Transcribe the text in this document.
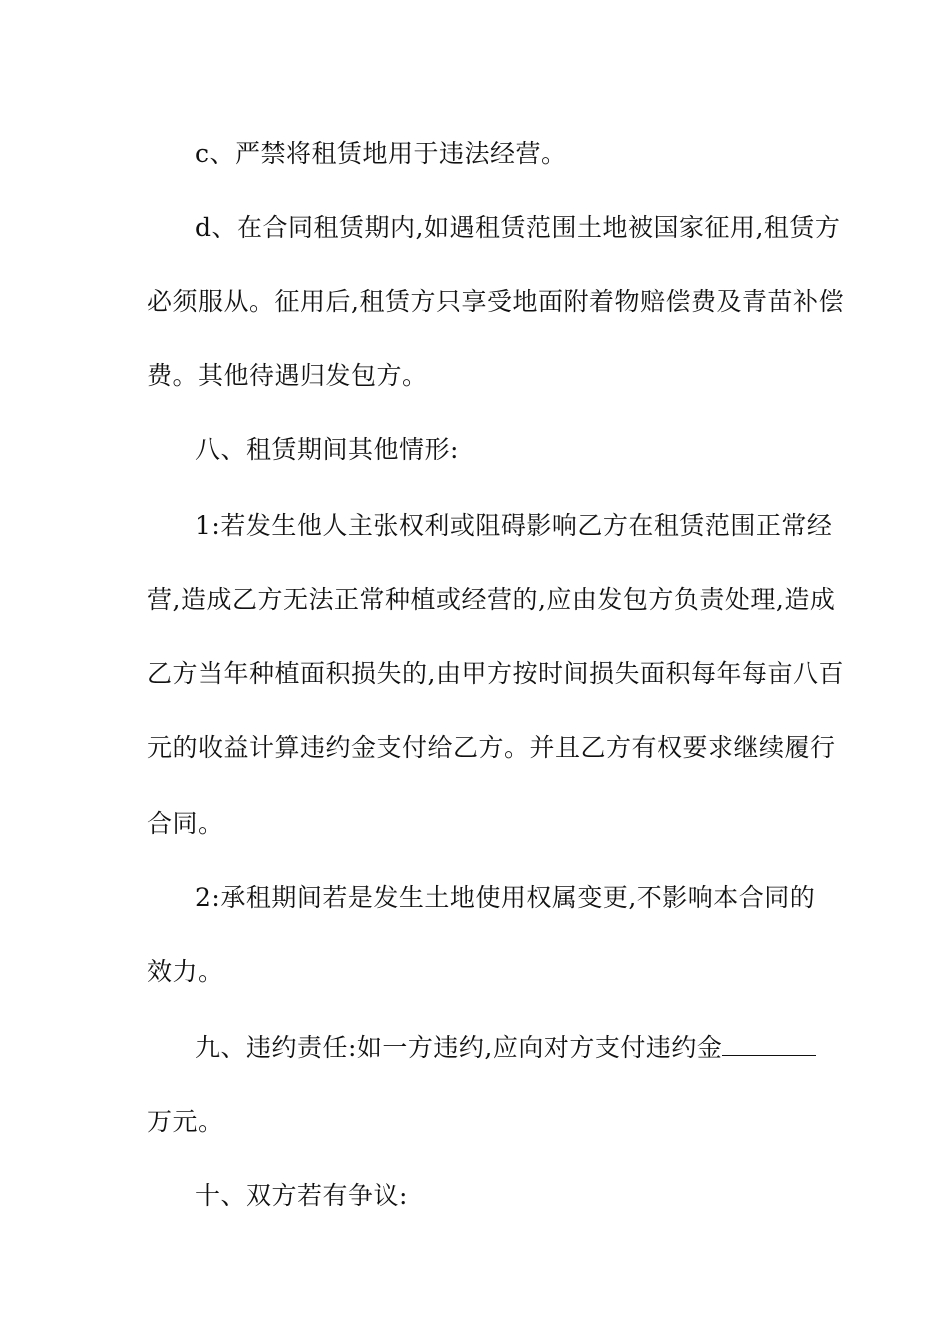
c、严禁将租赁地用于违法经营。
d、在合同租赁期内,如遇租赁范围土地被国家征用,租赁方
必须服从。征用后,租赁方只享受地面附着物赔偿费及青苗补偿
费。其他待遇归发包方。
八、租赁期间其他情形:
1:若发生他人主张权利或阻碍影响乙方在租赁范围正常经
营,造成乙方无法正常种植或经营的,应由发包方负责处理,造成
乙方当年种植面积损失的,由甲方按时间损失面积每年每亩八百
元的收益计算违约金支付给乙方。并且乙方有权要求继续履行
合同。
2:承租期间若是发生土地使用权属变更,不影响本合同的
效力。
九、违约责任:如一方违约,应向对方支付违约金
万元。
十、双方若有争议:
